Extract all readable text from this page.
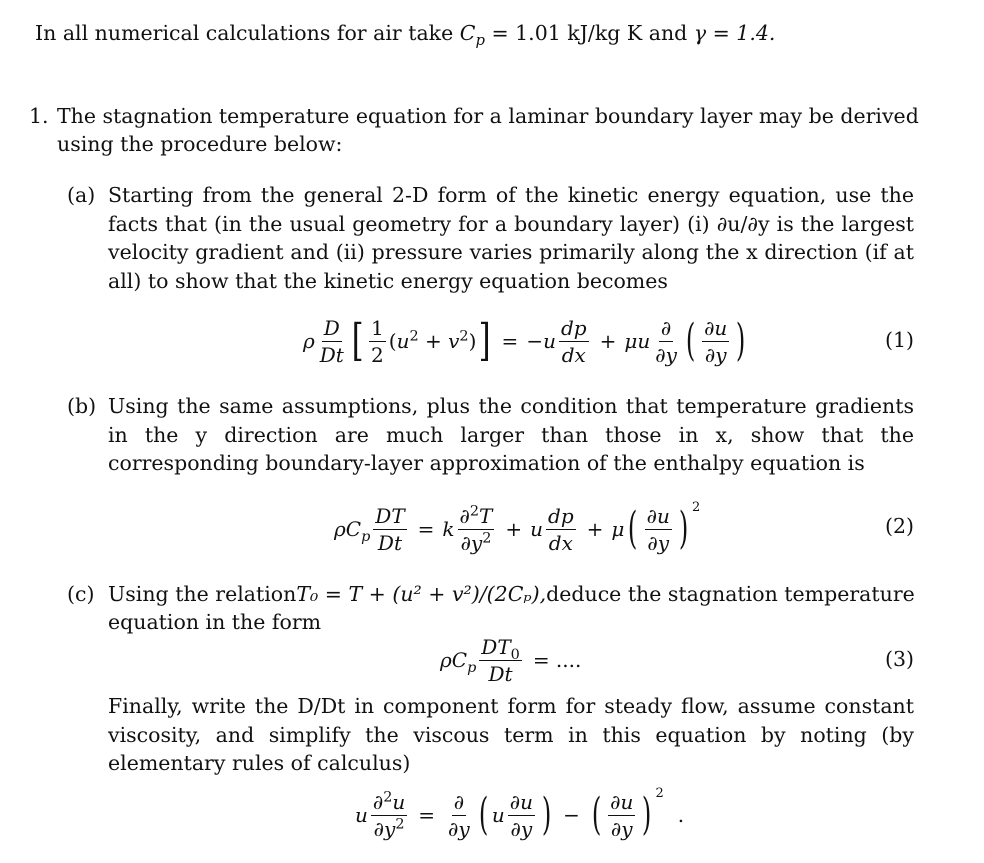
In all numerical calculations for air take $C_p = 1.01$ kJ/kg K and γ = 1.4.
1. The stagnation temperature equation for a laminar boundary layer may be derived
using the procedure below:
(a) Starting from the general 2-D form of the kinetic energy equation, use the facts that (in the usual geometry for a boundary layer) (i) ∂u/∂y is the largest velocity gradient and (ii) pressure varies primarily along the x direction (if at all) to show that the kinetic energy equation becomes
ρ $\frac{D}{Dt}$ [ $\frac{1}{2} (u^2 + v^2)$ ] = $-u \frac{dp}{dx} + \mu u \frac{\partial}{\partial y}$ ( $\frac{\partial u}{\partial y}$ )	(1)
(b) Using the same assumptions, plus the condition that temperature gradients in the y direction are much larger than those in x, show that the corresponding boundary-layer approximation of the enthalpy equation is
$\rho C_p \frac{DT}{Dt} = k \frac{\partial^2T}{\partial y^2} + u \frac{dp}{dx} + \mu$ ( $\frac{\partial u}{\partial y}$ ) 2
(2)
(c) Using the relation T₀ = T + (u² + v²)/(2Cₚ), deduce the stagnation temperature
equation in the form
$\rho C_p \frac{DT_0}{Dt}$ = ....	(3)
Finally, write the D/Dt in component form for steady flow, assume constant viscosity, and simplify the viscous term in this equation by noting (by elementary rules of calculus)
u $\frac{\partial^2u}{\partial y^2} = \frac{\partial}{\partial y}$ ( u $\frac{\partial u}{\partial y}$ ) − ( $\frac{\partial u}{\partial y}$ ) 2
.
